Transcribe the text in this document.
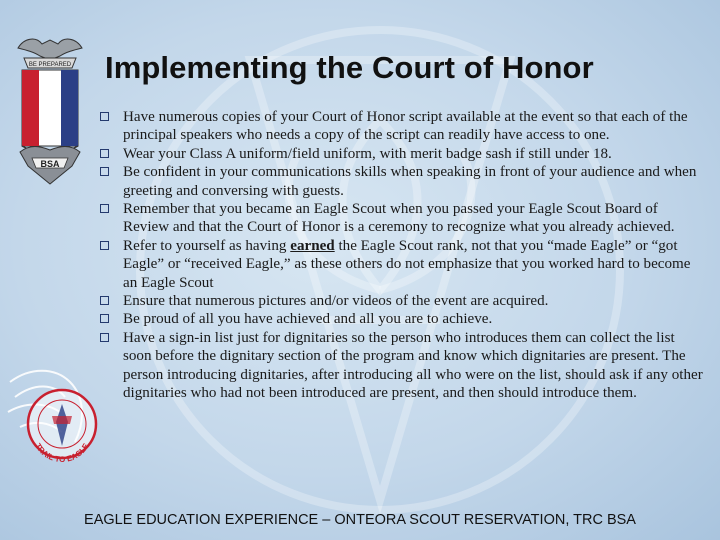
BE PREPARED
BSA
TRAIL TO EAGLE
Implementing the Court of Honor
Have numerous copies of your Court of Honor script available at the event so that each of the principal speakers who needs a copy of the script can readily have access to one.
Wear your Class A uniform/field uniform, with merit badge sash if still under 18.
Be confident in your communications skills when speaking in front of your audience and when greeting and conversing with guests.
Remember that you became an Eagle Scout when you passed your Eagle Scout Board of Review and that the Court of Honor is a ceremony to recognize what you already achieved.
Refer to yourself as having earned the Eagle Scout rank, not that you “made Eagle” or “got Eagle” or “received Eagle,” as these others do not emphasize that you worked hard to become an Eagle Scout
Ensure that numerous pictures and/or videos of the event are acquired.
Be proud of all you have achieved and all you are to achieve.
Have a sign-in list just for dignitaries so the person who introduces them can collect the list soon before the dignitary section of the program and know which dignitaries are present. The person introducing dignitaries, after introducing all who were on the list, should ask if any other dignitaries who had not been introduced are present, and then should introduce them.

EAGLE EDUCATION EXPERIENCE – ONTEORA SCOUT RESERVATION, TRC BSA
